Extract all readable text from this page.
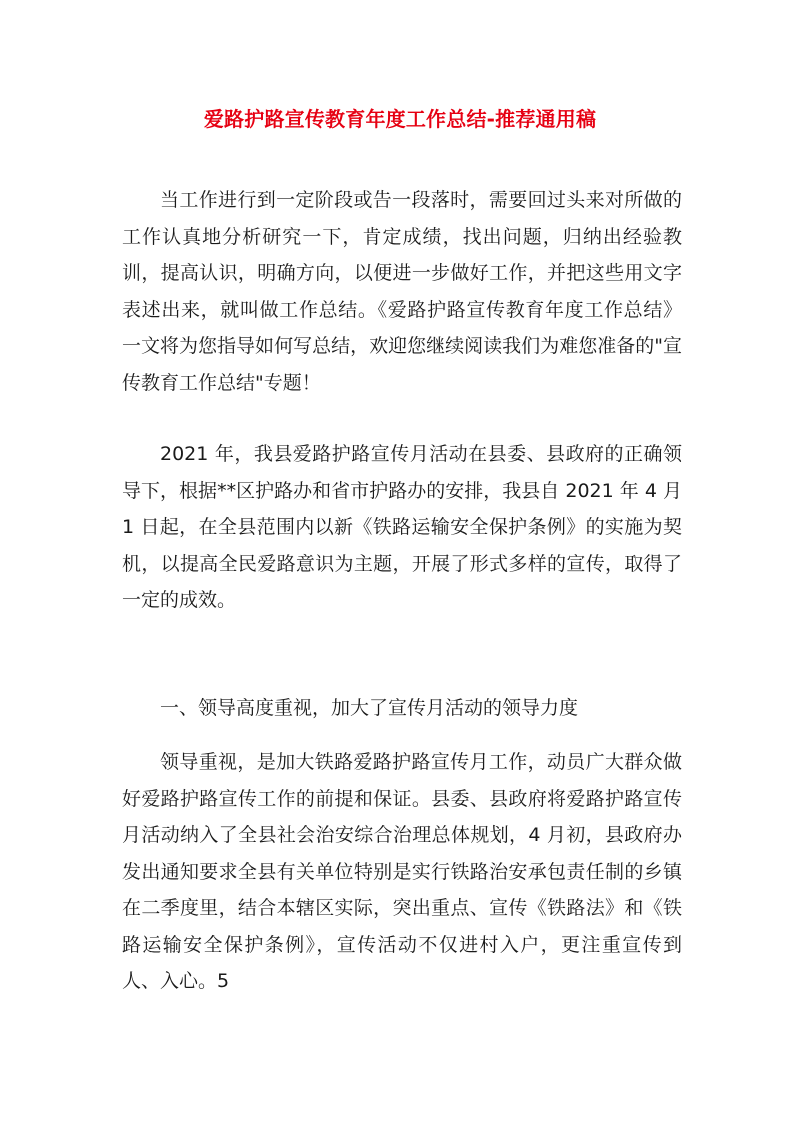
爱路护路宣传教育年度工作总结-推荐通用稿

当工作进行到一定阶段或告一段落时，需要回过头来对所做的工作认真地分析研究一下，肯定成绩，找出问题，归纳出经验教训，提高认识，明确方向，以便进一步做好工作，并把这些用文字表述出来，就叫做工作总结。《爱路护路宣传教育年度工作总结》一文将为您指导如何写总结，欢迎您继续阅读我们为难您准备的"宣传教育工作总结"专题！

2021 年，我县爱路护路宣传月活动在县委、县政府的正确领导下，根据**区护路办和省市护路办的安排，我县自 2021 年 4 月 1 日起，在全县范围内以新《铁路运输安全保护条例》的实施为契机，以提高全民爱路意识为主题，开展了形式多样的宣传，取得了一定的成效。

一、领导高度重视，加大了宣传月活动的领导力度

领导重视，是加大铁路爱路护路宣传月工作，动员广大群众做好爱路护路宣传工作的前提和保证。县委、县政府将爱路护路宣传月活动纳入了全县社会治安综合治理总体规划，4 月初，县政府办发出通知要求全县有关单位特别是实行铁路治安承包责任制的乡镇在二季度里，结合本辖区实际，突出重点、宣传《铁路法》和《铁路运输安全保护条例》，宣传活动不仅进村入户，更注重宣传到人、入心。5
